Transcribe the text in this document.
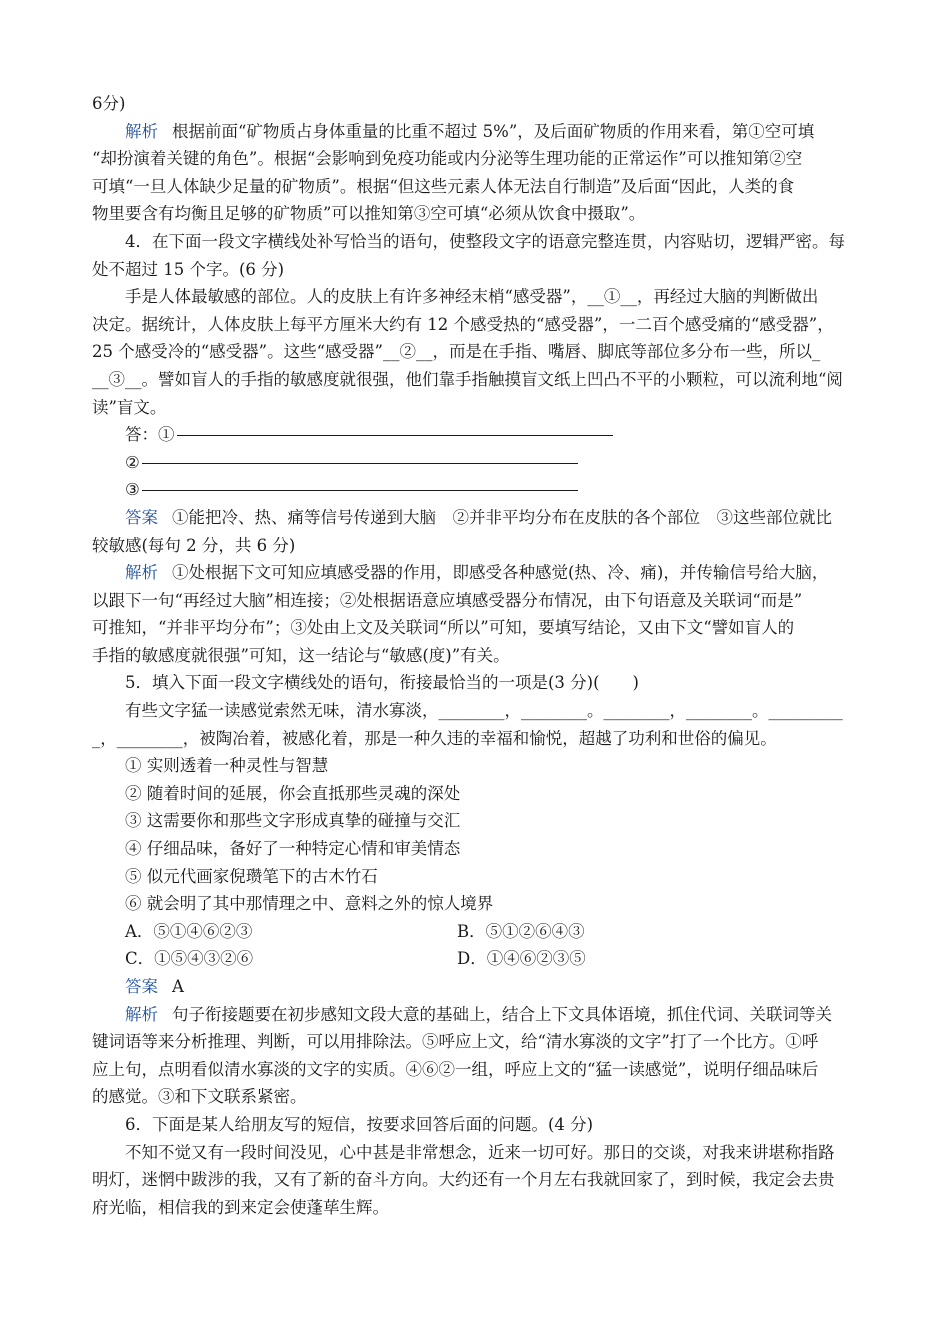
6分)
解析 根据前面“矿物质占身体重量的比重不超过 5%”，及后面矿物质的作用来看，第①空可填
“却扮演着关键的角色”。根据“会影响到免疫功能或内分泌等生理功能的正常运作”可以推知第②空
可填“一旦人体缺少足量的矿物质”。根据“但这些元素人体无法自行制造”及后面“因此，人类的食
物里要含有均衡且足够的矿物质”可以推知第③空可填“必须从饮食中摄取”。
4．在下面一段文字横线处补写恰当的语句，使整段文字的语意完整连贯，内容贴切，逻辑严密。每
处不超过 15 个字。(6 分)
手是人体最敏感的部位。人的皮肤上有许多神经末梢“感受器”，__①__，再经过大脑的判断做出
决定。据统计，人体皮肤上每平方厘米大约有 12 个感受热的“感受器”，一二百个感受痛的“感受器”，
25 个感受冷的“感受器”。这些“感受器”__②__，而是在手指、嘴唇、脚底等部位多分布一些，所以_
__③__。譬如盲人的手指的敏感度就很强，他们靠手指触摸盲文纸上凹凸不平的小颗粒，可以流利地“阅
读”盲文。
答：①
②
③
答案 ①能把冷、热、痛等信号传递到大脑　②并非平均分布在皮肤的各个部位　③这些部位就比
较敏感(每句 2 分，共 6 分)
解析 ①处根据下文可知应填感受器的作用，即感受各种感觉(热、冷、痛)，并传输信号给大脑，
以跟下一句“再经过大脑”相连接；②处根据语意应填感受器分布情况，由下句语意及关联词“而是”
可推知，“并非平均分布”；③处由上文及关联词“所以”可知，要填写结论，又由下文“譬如盲人的
手指的敏感度就很强”可知，这一结论与“敏感(度)”有关。
5．填入下面一段文字横线处的语句，衔接最恰当的一项是(3 分)(　　)
有些文字猛一读感觉索然无味，清水寡淡，________，________。________，________。_________
_，________，被陶冶着，被感化着，那是一种久违的幸福和愉悦，超越了功利和世俗的偏见。
① 实则透着一种灵性与智慧
② 随着时间的延展，你会直抵那些灵魂的深处
③ 这需要你和那些文字形成真挚的碰撞与交汇
④ 仔细品味，备好了一种特定心情和审美情态
⑤ 似元代画家倪瓒笔下的古木竹石
⑥ 就会明了其中那情理之中、意料之外的惊人境界
A．⑤①④⑥②③	B．⑤①②⑥④③
C．①⑤④③②⑥	D．①④⑥②③⑤
答案 A
解析 句子衔接题要在初步感知文段大意的基础上，结合上下文具体语境，抓住代词、关联词等关
键词语等来分析推理、判断，可以用排除法。⑤呼应上文，给“清水寡淡的文字”打了一个比方。①呼
应上句，点明看似清水寡淡的文字的实质。④⑥②一组，呼应上文的“猛一读感觉”，说明仔细品味后
的感觉。③和下文联系紧密。
6．下面是某人给朋友写的短信，按要求回答后面的问题。(4 分)
不知不觉又有一段时间没见，心中甚是非常想念，近来一切可好。那日的交谈，对我来讲堪称指路
明灯，迷惘中跋涉的我，又有了新的奋斗方向。大约还有一个月左右我就回家了，到时候，我定会去贵
府光临，相信我的到来定会使蓬荜生辉。
